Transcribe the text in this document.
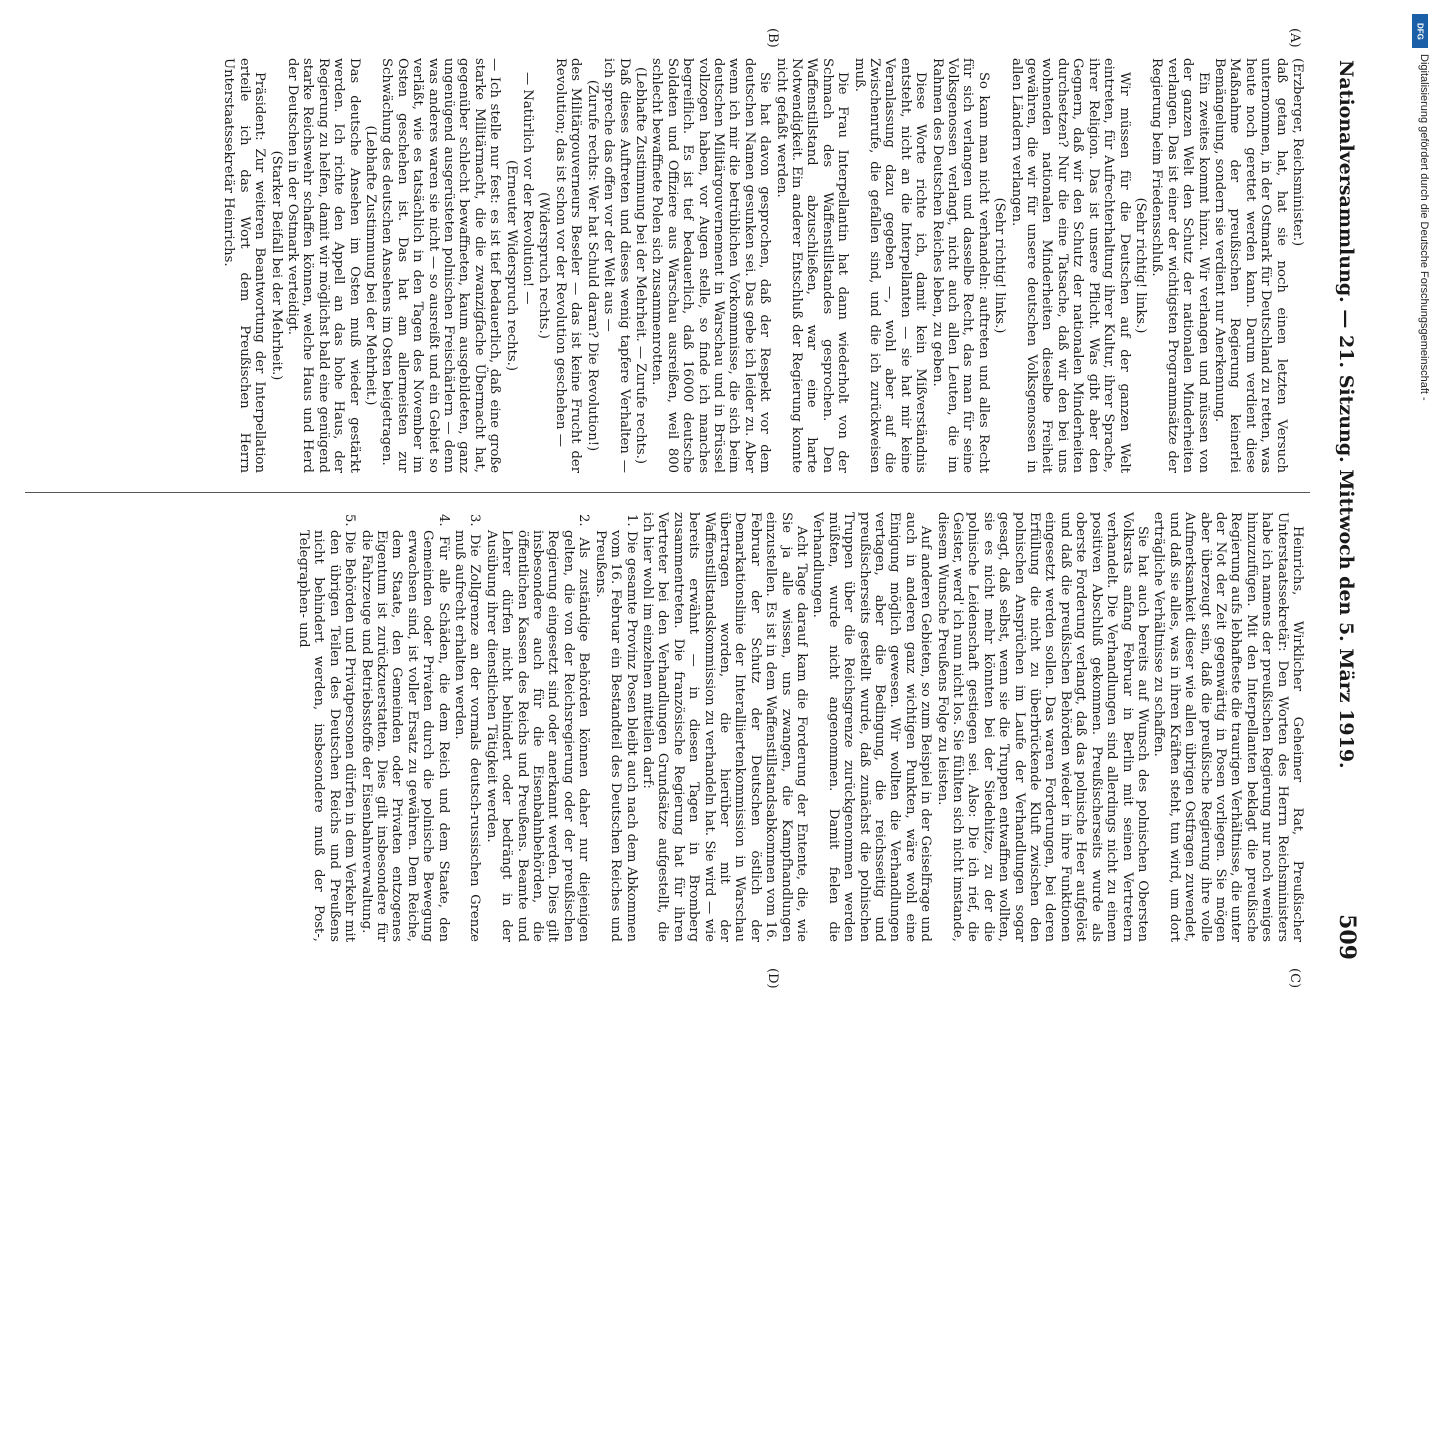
Nationalversammlung. — 21. Sitzung. Mittwoch den 5. März 1919.
509
(A)
(B)
(C)
(D)

(Erzberger, Reichsminister.)

daß getan hat, hat sie noch einen letzten Versuch unternommen, in der Ostmark für Deutschland zu retten, was heute noch gerettet werden kann. Darum verdient diese Maßnahme der preußischen Regierung keinerlei Bemängelung, sondern sie verdient nur Anerkennung.

Ein zweites kommt hinzu. Wir verlangen und müssen von der ganzen Welt den Schutz der nationalen Minderheiten verlangen. Das ist einer der wichtigsten Programmsätze der Regierung beim Friedensschluß.

(Sehr richtig! links.)

Wir müssen für die Deutschen auf der ganzen Welt eintreten, für Aufrechterhaltung ihrer Kultur, ihrer Sprache, ihrer Religion. Das ist unsere Pflicht. Was gibt aber den Gegnern, daß wir den Schutz der nationalen Minderheiten durchsetzen? Nur die eine Tatsache, daß wir den bei uns wohnenden nationalen Minderheiten dieselbe Freiheit gewähren, die wir für unsere deutschen Volksgenossen in allen Ländern verlangen.

(Sehr richtig! links.)

So kann man nicht verhandeln: auftreten und alles Recht für sich verlangen und dasselbe Recht, das man für seine Volksgenossen verlangt, nicht auch allen Leuten, die im Rahmen des Deutschen Reiches leben, zu geben.

Diese Worte richte ich, damit kein Mißverständnis entsteht, nicht an die Interpellanten — sie hat mir keine Veranlassung dazu gegeben —, wohl aber auf die Zwischenrufe, die gefallen sind, und die ich zurückweisen muß.

Die Frau Interpellantin hat dann wiederholt von der Schmach des Waffenstillstandes gesprochen. Den Waffenstillstand abzuschließen, war eine harte Notwendigkeit. Ein anderer Entschluß der Regierung konnte nicht gefaßt werden.

Sie hat davon gesprochen, daß der Respekt vor dem deutschen Namen gesunken sei. Das gebe ich leider zu. Aber wenn ich mir die betrüblichen Vorkommnisse, die sich beim deutschen Militärgouvernement in Warschau und in Brüssel vollzogen haben, vor Augen stelle, so finde ich manches begreiflich. Es ist tief bedauerlich, daß 16000 deutsche Soldaten und Offiziere aus Warschau ausreißen, weil 800 schlecht bewaffnete Polen sich zusammenrotten.

(Lebhafte Zustimmung bei der Mehrheit. — Zurufe rechts.)

Daß dieses Auftreten und dieses wenig tapfere Verhalten — ich spreche das offen vor der Welt aus —

(Zurufe rechts: Wer hat Schuld daran? Die Revolution!)

des Militärgouverneurs Beseler — das ist keine Frucht der Revolution; das ist schon vor der Revolution geschehen —

(Widerspruch rechts.)

— Natürlich vor der Revolution! —

(Erneuter Widerspruch rechts.)

— Ich stelle nur fest: es ist tief bedauerlich, daß eine große starke Militärmacht, die die zwanzigfache Übermacht hat, gegenüber schlecht bewaffneten, kaum ausgebildeten, ganz ungenügend ausgerüsteten polnischen Freischärlern — denn was anderes waren sie nicht — so ausreißt und ein Gebiet so verläßt, wie es tatsächlich in den Tagen des November im Osten geschehen ist. Das hat am allermeisten zur Schwächung des deutschen Ansehens im Osten beigetragen.

(Lebhafte Zustimmung bei der Mehrheit.)

Das deutsche Ansehen im Osten muß wieder gestärkt werden. Ich richte den Appell an das hohe Haus, der Regierung zu helfen, damit wir möglichst bald eine genügend starke Reichswehr schaffen können, welche Haus und Herd der Deutschen in der Ostmark verteidigt.

(Starker Beifall bei der Mehrheit.)

Präsident: Zur weiteren Beantwortung der Interpellation erteile ich das Wort dem Preußischen Herrn Unterstaatssekretär Heinrichs.

Heinrichs, Wirklicher Geheimer Rat, Preußischer Unterstaatssekretär: Den Worten des Herrn Reichsministers habe ich namens der preußischen Regierung nur noch weniges hinzuzufügen. Mit den Interpellanten beklagt die preußische Regierung aufs lebhafteste die traurigen Verhältnisse, die unter der Not der Zeit gegenwärtig in Posen vorliegen. Sie mögen aber überzeugt sein, daß die preußische Regierung ihre volle Aufmerksamkeit dieser wie allen übrigen Ostfragen zuwendet, und daß sie alles, was in ihren Kräften steht, tun wird, um dort erträgliche Verhältnisse zu schaffen.

Sie hat auch bereits auf Wunsch des polnischen Obersten Volksrats anfang Februar in Berlin mit seinen Vertretern verhandelt. Die Verhandlungen sind allerdings nicht zu einem positiven Abschluß gekommen. Preußischerseits wurde als oberste Forderung verlangt, daß das polnische Heer aufgelöst und daß die preußischen Behörden wieder in ihre Funktionen eingesetzt werden sollen. Das waren Forderungen, bei deren Erfüllung die nicht zu überbrückende Kluft zwischen den polnischen Ansprüchen im Laufe der Verhandlungen sogar gesagt, daß selbst, wenn sie die Truppen entwaffnen wollten, sie es nicht mehr könnten bei der Siedehitze, zu der die polnische Leidenschaft gestiegen sei. Also: Die ich rief, die Geister, werd' ich nun nicht los. Sie fühlten sich nicht imstande, diesem Wunsche Preußens Folge zu leisten.

Auf anderen Gebieten, so zum Beispiel in der Geiselfrage und auch in anderen ganz wichtigen Punkten, wäre wohl eine Einigung möglich gewesen. Wir wollten die Verhandlungen vertagen, aber die Bedingung, die reichsseitig und preußischerseits gestellt wurde, daß zunächst die polnischen Truppen über die Reichsgrenze zurückgenommen werden müßten, wurde nicht angenommen. Damit fielen die Verhandlungen.

Acht Tage darauf kam die Forderung der Entente, die, wie Sie ja alle wissen, uns zwangen, die Kampfhandlungen einzustellen. Es ist in dem Waffenstillstandsabkommen vom 16. Februar der Schutz der Deutschen östlich der Demarkationslinie der Interalliiertenkommission in Warschau übertragen worden, die hierüber mit der Waffenstillstandskommission zu verhandeln hat. Sie wird — wie bereits erwähnt — in diesen Tagen in Bromberg zusammentreten. Die französische Regierung hat für ihren Vertreter bei den Verhandlungen Grundsätze aufgestellt, die ich hier wohl im einzelnen mitteilen darf:

1. Die gesamte Provinz Posen bleibt auch nach dem Abkommen vom 16. Februar ein Bestandteil des Deutschen Reiches und Preußens.

2. Als zuständige Behörden können daher nur diejenigen gelten, die von der Reichsregierung oder der preußischen Regierung eingesetzt sind oder anerkannt werden. Dies gilt insbesondere auch für die Eisenbahnbehörden, die öffentlichen Kassen des Reichs und Preußens. Beamte und Lehrer dürfen nicht behindert oder bedrängt in der Ausübung ihrer dienstlichen Tätigkeit werden.

3. Die Zollgrenze an der vormals deutsch-russischen Grenze muß aufrecht erhalten werden.

4. Für alle Schäden, die dem Reich und dem Staate, den Gemeinden oder Privaten durch die polnische Bewegung erwachsen sind, ist voller Ersatz zu gewähren. Dem Reiche, dem Staate, den Gemeinden oder Privaten entzogenes Eigentum ist zurückzuerstatten. Dies gilt insbesondere für die Fahrzeuge und Betriebsstoffe der Eisenbahnverwaltung.

5. Die Behörden und Privatpersonen dürfen in dem Verkehr mit den übrigen Teilen des Deutschen Reichs und Preußens nicht behindert werden, insbesondere muß der Post-, Telegraphen- und

DFG
Digitalisierung gefördert durch die Deutsche Forschungsgemeinschaft -
